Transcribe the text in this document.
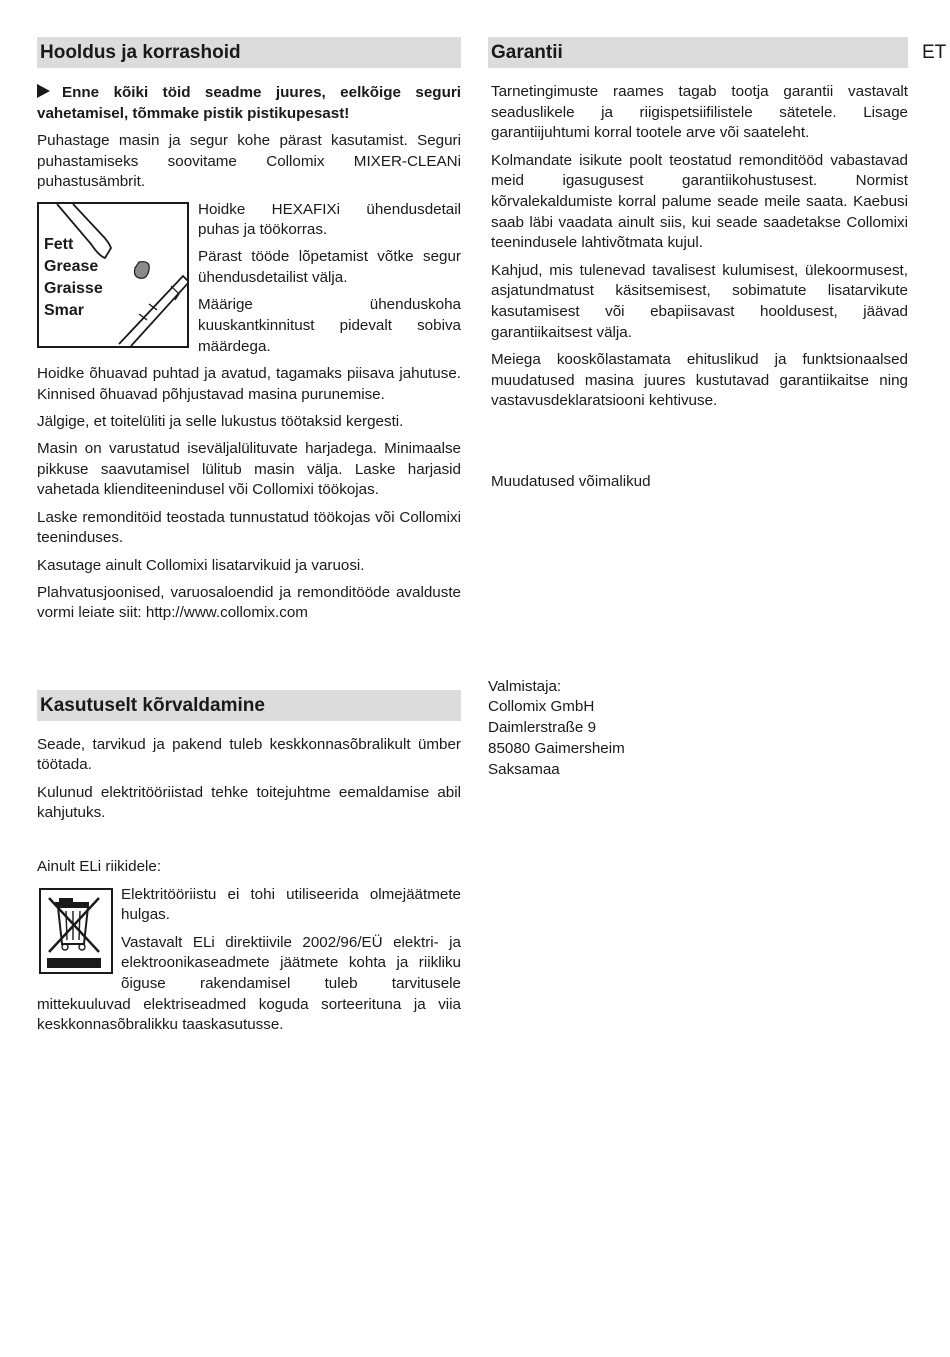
ET
Hooldus ja korrashoid

Enne kõiki töid seadme juures, eelkõige seguri vahetamisel, tõmmake pistik pistikupesast!

Puhastage masin ja segur kohe pärast kasutamist. Seguri puhastamiseks soovitame Collomix MIXER-CLEANi puhastusämbrit.

Fett
Grease
Graisse
Smar

Hoidke HEXAFIXi ühendusdetail puhas ja töökorras.

Pärast tööde lõpetamist võtke segur ühendusdetailist välja.

Määrige ühenduskoha kuuskantkinnitust pidevalt sobiva määrdega.

Hoidke õhuavad puhtad ja avatud, tagamaks piisava jahutuse. Kinnised õhuavad põhjustavad masina purunemise.

Jälgige, et toitelüliti ja selle lukustus töötaksid kergesti.

Masin on varustatud iseväljalülituvate harjadega. Minimaalse pikkuse saavutamisel lülitub masin välja. Laske harjasid vahetada klienditeenindusel või Collomixi töökojas.

Laske remonditöid teostada tunnustatud töökojas või Collomixi teeninduses.

Kasutage ainult Collomixi lisatarvikuid ja varuosi.

Plahvatusjoonised, varuosaloendid ja remonditööde avalduste vormi leiate siit: http://www.collomix.com

Kasutuselt kõrvaldamine

Seade, tarvikud ja pakend tuleb keskkonnasõbralikult ümber töötada.

Kulunud elektritööriistad tehke toitejuhtme eemaldamise abil kahjutuks.

Ainult ELi riikidele:

Elektritööriistu ei tohi utiliseerida olmejäätmete hulgas.

Vastavalt ELi direktiivile 2002/96/EÜ elektri- ja elektroonikaseadmete jäätmete kohta ja riikliku õiguse rakendamisel tuleb tarvitusele mittekuuluvad elektriseadmed koguda sorteerituna ja viia keskkonnasõbralikku taaskasutusse.

Garantii

Tarnetingimuste raames tagab tootja garantii vastavalt seaduslikele ja riigispetsiifilistele sätetele. Lisage garantiijuhtumi korral tootele arve või saateleht.

Kolmandate isikute poolt teostatud remonditööd vabastavad meid igasugusest garantiikohustusest. Normist kõrvalekaldumiste korral palume seade meile saata. Kaebusi saab läbi vaadata ainult siis, kui seade saadetakse Collomixi teenindusele lahtivõtmata kujul.

Kahjud, mis tulenevad tavalisest kulumisest, ülekoormusest, asjatundmatust käsitsemisest, sobimatute lisatarvikute kasutamisest või ebapiisavast hooldusest, jäävad garantiikaitsest välja.

Meiega kooskõlastamata ehituslikud ja funktsionaalsed muudatused masina juures kustutavad garantiikaitse ning vastavusdeklaratsiooni kehtivuse.

Muudatused võimalikud

Valmistaja:
Collomix GmbH
Daimlerstraße 9
85080 Gaimersheim
Saksamaa
